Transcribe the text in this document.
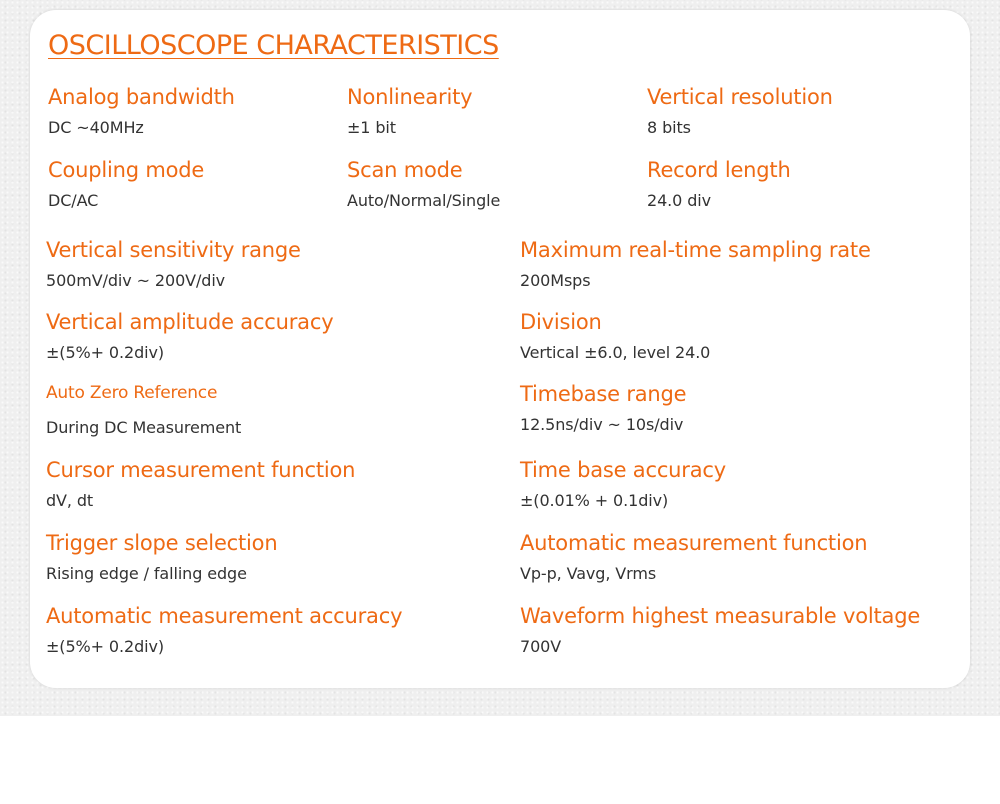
OSCILLOSCOPE CHARACTERISTICS
Analog bandwidth
DC ~40MHz
Nonlinearity
±1 bit
Vertical resolution
8 bits
Coupling mode
DC/AC
Scan mode
Auto/Normal/Single
Record length
24.0 div
Vertical sensitivity range
500mV/div ~ 200V/div
Vertical amplitude accuracy
±(5%+ 0.2div)
Auto Zero Reference
During DC Measurement
Cursor measurement function
dV, dt
Trigger slope selection
Rising edge / falling edge
Automatic measurement accuracy
±(5%+ 0.2div)
Maximum real-time sampling rate
200Msps
Division
Vertical ±6.0, level 24.0
Timebase range
12.5ns/div ~ 10s/div
Time base accuracy
±(0.01% + 0.1div)
Automatic measurement function
Vp-p, Vavg, Vrms
Waveform highest measurable voltage
700V
